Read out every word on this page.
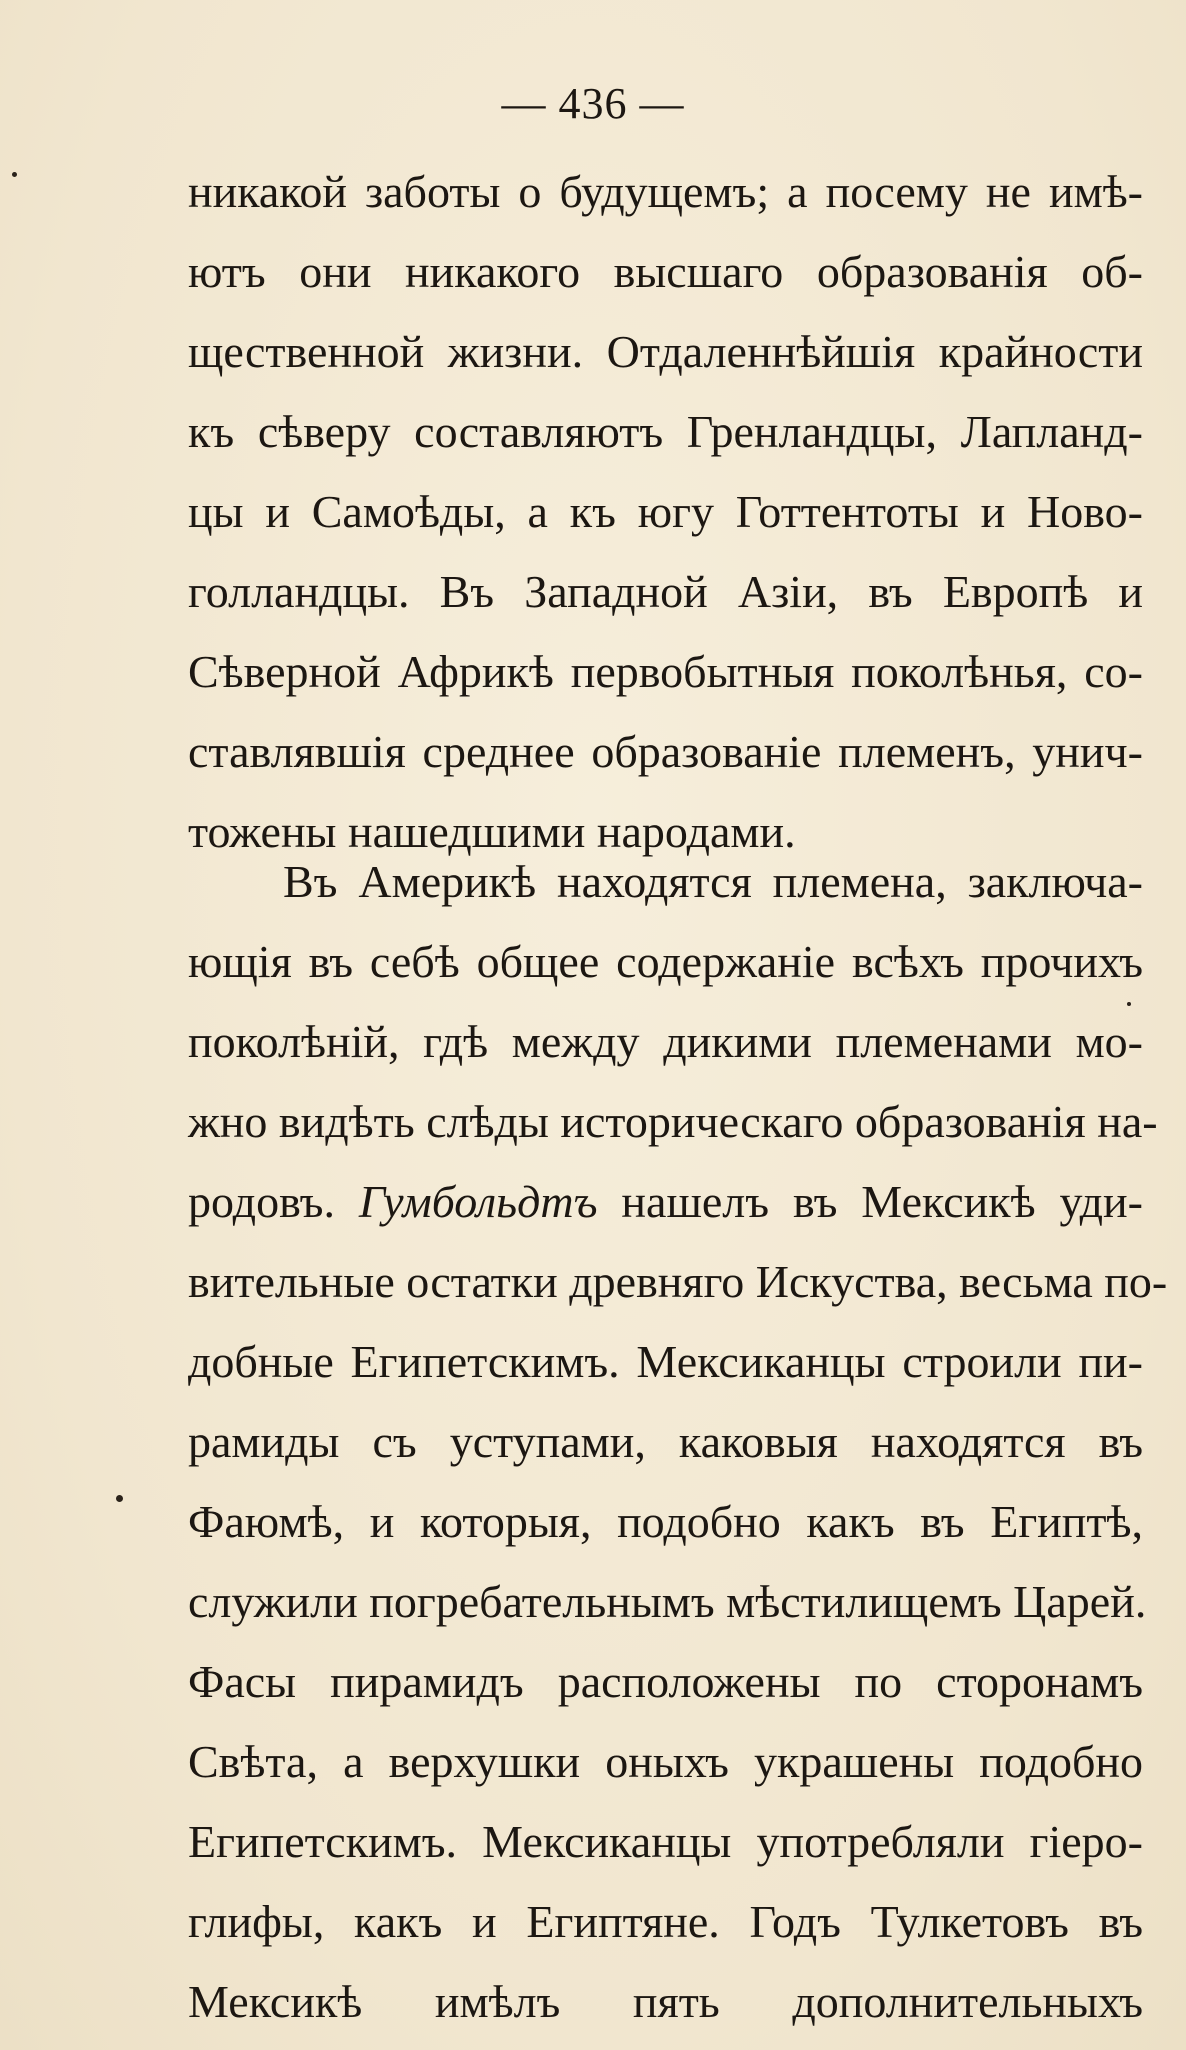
— 436 —
никакой заботы о будущемъ; а посему не имѣ-
ютъ они никакого высшаго образованія об-
щественной жизни. Отдаленнѣйшія крайности
къ сѣверу составляютъ Гренландцы, Лапланд-
цы и Самоѣды, а къ югу Готтентоты и Ново-
голландцы. Въ Западной Азіи, въ Европѣ и
Сѣверной Африкѣ первобытныя поколѣнья, со-
ставлявшія среднее образованіе племенъ, унич-
тожены нашедшими народами.
Въ Америкѣ находятся племена, заключа-
ющія въ себѣ общее содержаніе всѣхъ прочихъ
поколѣній, гдѣ между дикими племенами мо-
жно видѣть слѣды историческаго образованія на-
родовъ. Гумбольдтъ нашелъ въ Мексикѣ уди-
вительные остатки древняго Искуства, весьма по-
добные Египетскимъ. Мексиканцы строили пи-
рамиды съ уступами, каковыя находятся въ
Фаюмѣ, и которыя, подобно какъ въ Египтѣ,
служили погребательнымъ мѣстилищемъ Царей.
Фасы пирамидъ расположены по сторонамъ
Свѣта, а верхушки оныхъ украшены подобно
Египетскимъ. Мексиканцы употребляли гіеро-
глифы, какъ и Египтяне. Годъ Тулкетовъ въ
Мексикѣ имѣлъ пять дополнительныхъ
